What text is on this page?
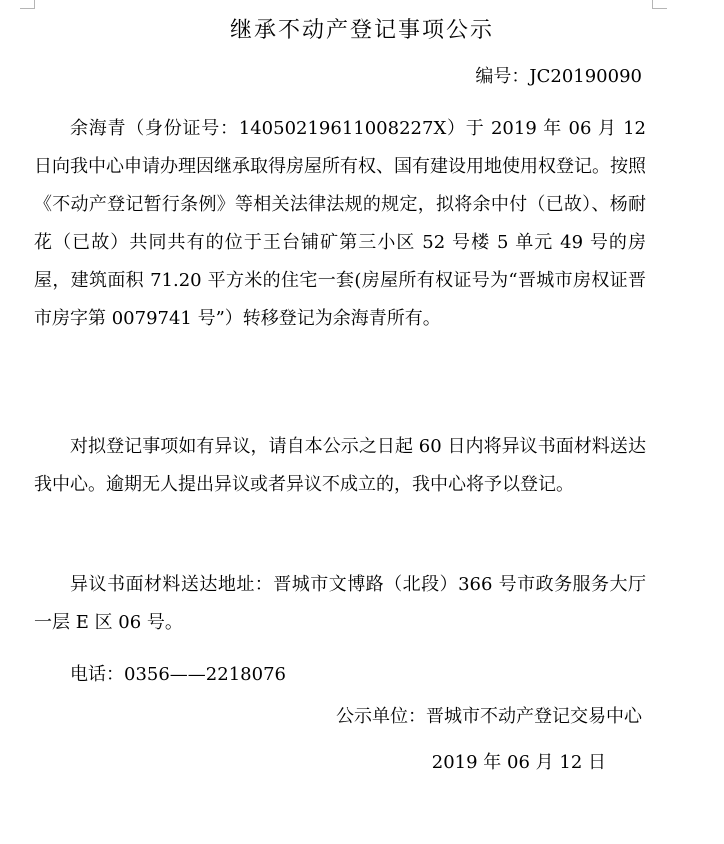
继承不动产登记事项公示
编号：JC20190090

余海青（身份证号：14050219611008227X）于 2019 年 06 月 12 日向我中心申请办理因继承取得房屋所有权、国有建设用地使用权登记。按照《不动产登记暂行条例》等相关法律法规的规定，拟将余中付（已故）、杨耐花（已故）共同共有的位于王台铺矿第三小区 52 号楼 5 单元 49 号的房屋，建筑面积 71.20 平方米的住宅一套(房屋所有权证号为“晋城市房权证晋市房字第 0079741 号”）转移登记为余海青所有。

对拟登记事项如有异议，请自本公示之日起 60 日内将异议书面材料送达我中心。逾期无人提出异议或者异议不成立的，我中心将予以登记。

异议书面材料送达地址：晋城市文博路（北段）366 号市政务服务大厅一层 E 区 06 号。

电话：0356——2218076

公示单位：晋城市不动产登记交易中心
2019 年 06 月 12 日
